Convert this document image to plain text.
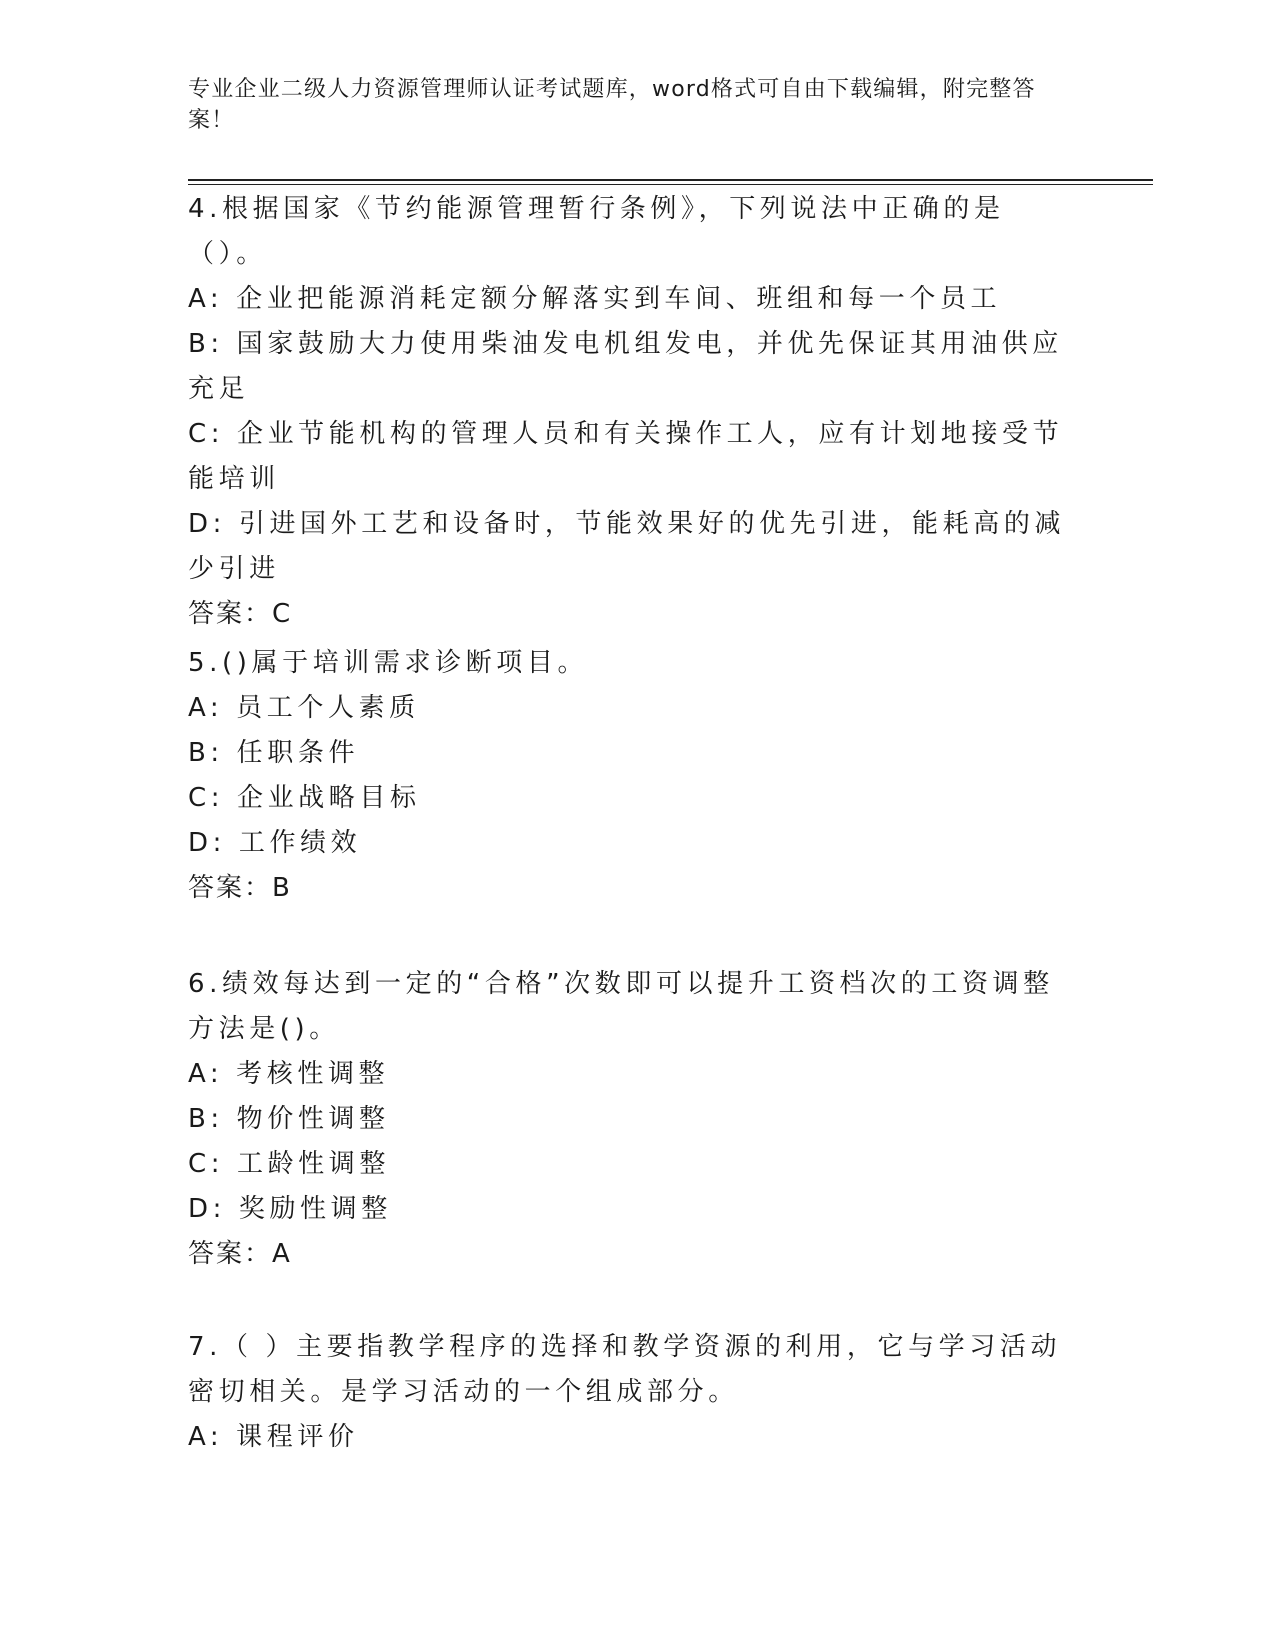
专业企业二级人力资源管理师认证考试题库，word格式可自由下载编辑，附完整答案！

4.根据国家《节约能源管理暂行条例》，下列说法中正确的是（）。

A: 企业把能源消耗定额分解落实到车间、班组和每一个员工

B: 国家鼓励大力使用柴油发电机组发电，并优先保证其用油供应充足

C: 企业节能机构的管理人员和有关操作工人，应有计划地接受节能培训

D: 引进国外工艺和设备时，节能效果好的优先引进，能耗高的减少引进

答案：C

5.()属于培训需求诊断项目。

A: 员工个人素质

B: 任职条件

C: 企业战略目标

D: 工作绩效

答案：B

6.绩效每达到一定的“合格”次数即可以提升工资档次的工资调整方法是()。

A: 考核性调整

B: 物价性调整

C: 工龄性调整

D: 奖励性调整

答案：A

7.（ ）主要指教学程序的选择和教学资源的利用，它与学习活动密切相关。是学习活动的一个组成部分。

A: 课程评价
